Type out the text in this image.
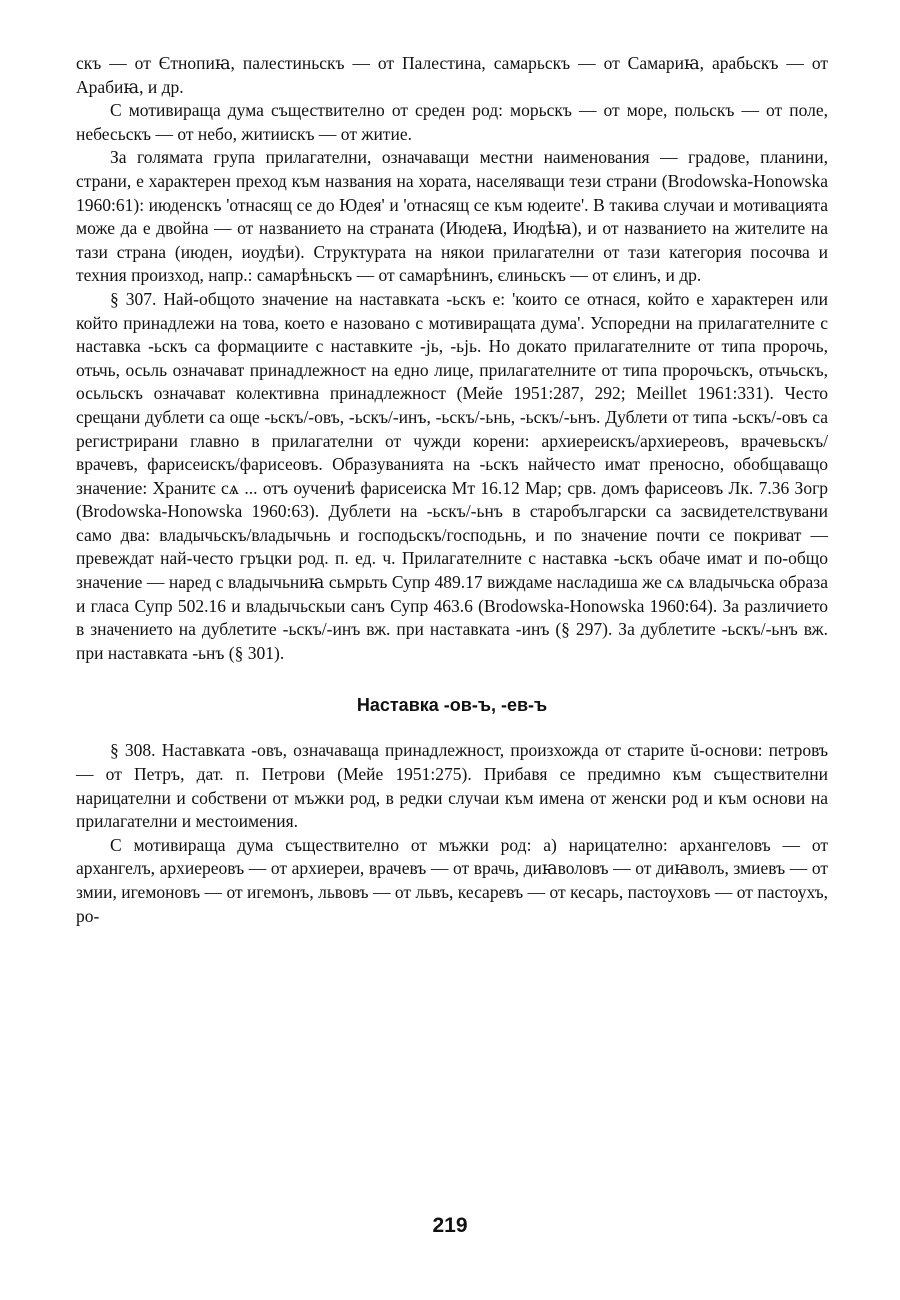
скъ — от Єтнопиꙗ, палестиньскъ — от Палестина, самарьскъ — от Самариꙗ, арабьскъ — от Арабиꙗ, и др.

С мотивираща дума съществително от среден род: морьскъ — от море, польскъ — от поле, небесьскъ — от небо, житиискъ — от житие.

За голямата група прилагателни, означаващи местни наименования — градове, планини, страни, е характерен преход към названия на хората, населяващи тези страни (Brodowska-Honowska 1960:61): июденскъ 'отнасящ се до Юдея' и 'отнасящ се към юдеите'. В такива случаи и мотивацията може да е двойна — от названието на страната (Июдеꙗ, Июдѣꙗ), и от названието на жителите на тази страна (июден, иоудѣи). Структурата на някои прилагателни от тази категория посочва и техния произход, напр.: самарѣньскъ — от самарѣнинъ, єлиньскъ — от єлинъ, и др.

§ 307. Най-общото значение на наставката -ьскъ е: 'които се отнася, който е характерен или който принадлежи на това, което е назовано с мотивиращата дума'. Успоредни на прилагателните с наставка -ьскъ са формациите с наставките -jь, -ьjь. Но докато прилагателните от типа пророчь, отьчь, осьль означават принадлежност на едно лице, прилагателните от типа пророчьскъ, отьчьскъ, осьльскъ означават колективна принадлежност (Мейе 1951:287, 292; Meillet 1961:331). Често срещани дублети са още -ьскъ/-овъ, -ьскъ/-инъ, -ьскъ/-ьнь, -ьскъ/-ьнъ. Дублети от типа -ьскъ/-овъ са регистрирани главно в прилагателни от чужди корени: архиереискъ/архиереовъ, врачевьскъ/врачевъ, фарисеискъ/фарисеовъ. Образуванията на -ьскъ найчесто имат преносно, обобщаващо значение: Хранитє сѧ ... отъ оучениѣ фарисеиска Мт 16.12 Мар; срв. домъ фарисеовъ Лк. 7.36 Зогр (Brodowska-Honowska 1960:63). Дублети на -ьскъ/-ьнъ в старобългарски са засвидетелствувани само два: владычьскъ/владычьнь и господьскъ/господьнь, и по значение почти се покриват — превеждат най-често гръцки род. п. ед. ч. Прилагателните с наставка -ьскъ обаче имат и по-общо значение — наред с владычьниꙗ сьмрьть Супр 489.17 виждаме насладиша же сѧ владычьска образа и гласа Супр 502.16 и владычьскыи санъ Супр 463.6 (Brodowska-Honowska 1960:64). За различието в значението на дублетите -ьскъ/-инъ вж. при наставката -инъ (§ 297). За дублетите -ьскъ/-ьнъ вж. при наставката -ьнъ (§ 301).

Наставка -ов-ъ, -ев-ъ

§ 308. Наставката -овъ, означаваща принадлежност, произхожда от старите ŭ-основи: петровъ — от Петръ, дат. п. Петрови (Мейе 1951:275). Прибавя се предимно към съществителни нарицателни и собствени от мъжки род, в редки случаи към имена от женски род и към основи на прилагателни и местоимения.

С мотивираща дума съществително от мъжки род: а) нарицателно: архангеловъ — от архангелъ, архиереовъ — от архиереи, врачевъ — от врачь, диꙗволовъ — от диꙗволъ, змиевъ — от змии, игемоновъ — от игемонъ, львовъ — от львъ, кесаревъ — от кесарь, пастоуховъ — от пастоухъ, ро-

219
